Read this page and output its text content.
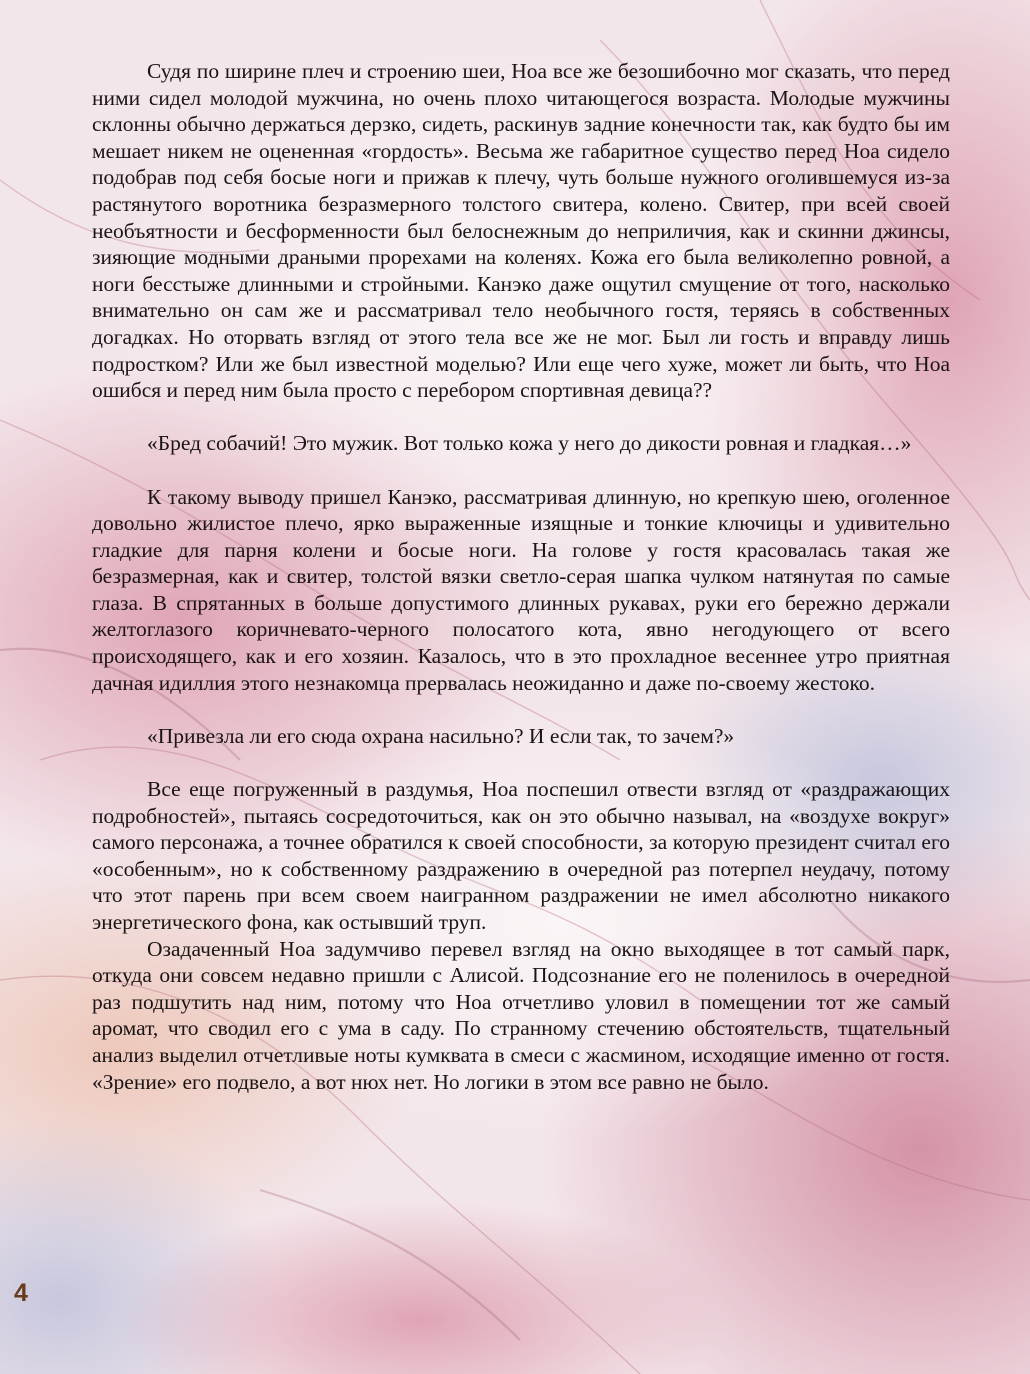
Судя по ширине плеч и строению шеи, Ноа все же безошибочно мог сказать, что перед ними сидел молодой мужчина, но очень плохо читающегося возраста. Молодые мужчины склонны обычно держаться дерзко, сидеть, раскинув задние конечности так, как будто бы им мешает никем не оцененная «гордость». Весьма же габаритное существо перед Ноа сидело подобрав под себя босые ноги и прижав к плечу, чуть больше нужного оголившемуся из-за растянутого воротника безразмерного толстого свитера, колено. Свитер, при всей своей необъятности и бесформенности был белоснежным до неприличия, как и скинни джинсы, зияющие модными драными прорехами на коленях. Кожа его была великолепно ровной, а ноги бесстыже длинными и стройными. Канэко даже ощутил смущение от того, насколько внимательно он сам же и рассматривал тело необычного гостя, теряясь в собственных догадках. Но оторвать взгляд от этого тела все же не мог. Был ли гость и вправду лишь подростком? Или же был известной моделью? Или еще чего хуже, может ли быть, что Ноа ошибся и перед ним была просто с перебором спортивная девица??

«Бред собачий! Это мужик. Вот только кожа у него до дикости ровная и гладкая…»

К такому выводу пришел Канэко, рассматривая длинную, но крепкую шею, оголенное довольно жилистое плечо, ярко выраженные изящные и тонкие ключицы и удивительно гладкие для парня колени и босые ноги. На голове у гостя красовалась такая же безразмерная, как и свитер, толстой вязки светло-серая шапка чулком натянутая по самые глаза. В спрятанных в больше допустимого длинных рукавах, руки его бережно держали желтоглазого коричневато-черного полосатого кота, явно негодующего от всего происходящего, как и его хозяин. Казалось, что в это прохладное весеннее утро приятная дачная идиллия этого незнакомца прервалась неожиданно и даже по-своему жестоко.

«Привезла ли его сюда охрана насильно? И если так, то зачем?»

Все еще погруженный в раздумья, Ноа поспешил отвести взгляд от «раздражающих подробностей», пытаясь сосредоточиться, как он это обычно называл, на «воздухе вокруг» самого персонажа, а точнее обратился к своей способности, за которую президент считал его «особенным», но к собственному раздражению в очередной раз потерпел неудачу, потому что этот парень при всем своем наигранном раздражении не имел абсолютно никакого энергетического фона, как остывший труп.

Озадаченный Ноа задумчиво перевел взгляд на окно выходящее в тот самый парк, откуда они совсем недавно пришли с Алисой. Подсознание его не поленилось в очередной раз подшутить над ним, потому что Ноа отчетливо уловил в помещении тот же самый аромат, что сводил его с ума в саду. По странному стечению обстоятельств, тщательный анализ выделил отчетливые ноты кумквата в смеси с жасмином, исходящие именно от гостя. «Зрение» его подвело, а вот нюх нет. Но логики в этом все равно не было.

4
